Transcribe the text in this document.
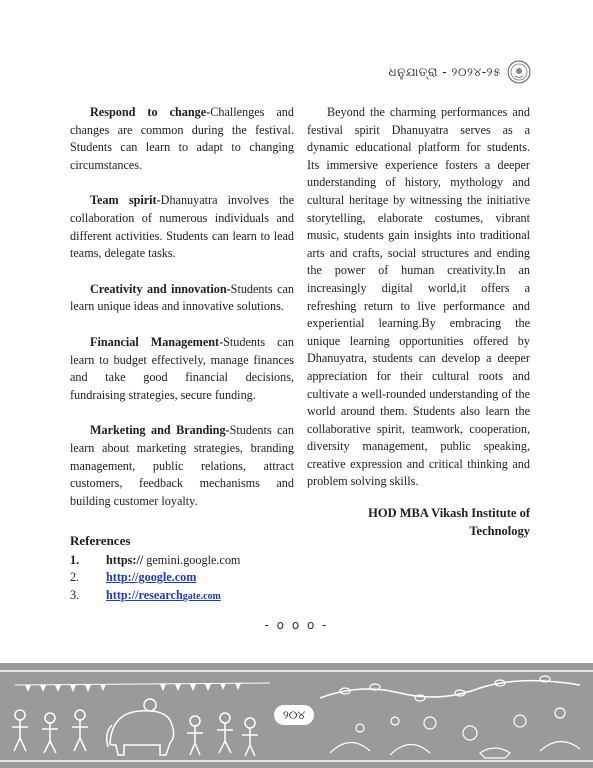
ଧନୁଯାତ୍ରା - ୨୦୨୪-୨୫

Respond to change-Challenges and changes are common during the festival. Students can learn to adapt to changing circumstances.

Team spirit-Dhanuyatra involves the collaboration of numerous individuals and different activities. Students can learn to lead teams, delegate tasks.

Creativity and innovation-Students can learn unique ideas and innovative solutions.

Financial Management-Students can learn to budget effectively, manage finances and take good financial decisions, fundraising strategies, secure funding.

Marketing and Branding-Students can learn about marketing strategies, branding management, public relations, attract customers, feedback mechanisms and building customer loyalty.

Beyond the charming performances and festival spirit Dhanuyatra serves as a dynamic educational platform for students. Its immersive experience fosters a deeper understanding of history, mythology and cultural heritage by witnessing the initiative storytelling, elaborate costumes, vibrant music, students gain insights into traditional arts and crafts, social structures and ending the power of human creativity.In an increasingly digital world,it offers a refreshing return to live performance and experiential learning.By embracing the unique learning opportunities offered by Dhanuyatra, students can develop a deeper appreciation for their cultural roots and cultivate a well-rounded understanding of the world around them. Students also learn the collaborative spirit, teamwork, cooperation, diversity management, public speaking, creative expression and critical thinking and problem solving skills.

HOD MBA Vikash Institute of
Technology
References
1.	https:// gemini.google.com
2.	http://google.com
3.	http://researchgate.com
- o o o -
୨୦୪
